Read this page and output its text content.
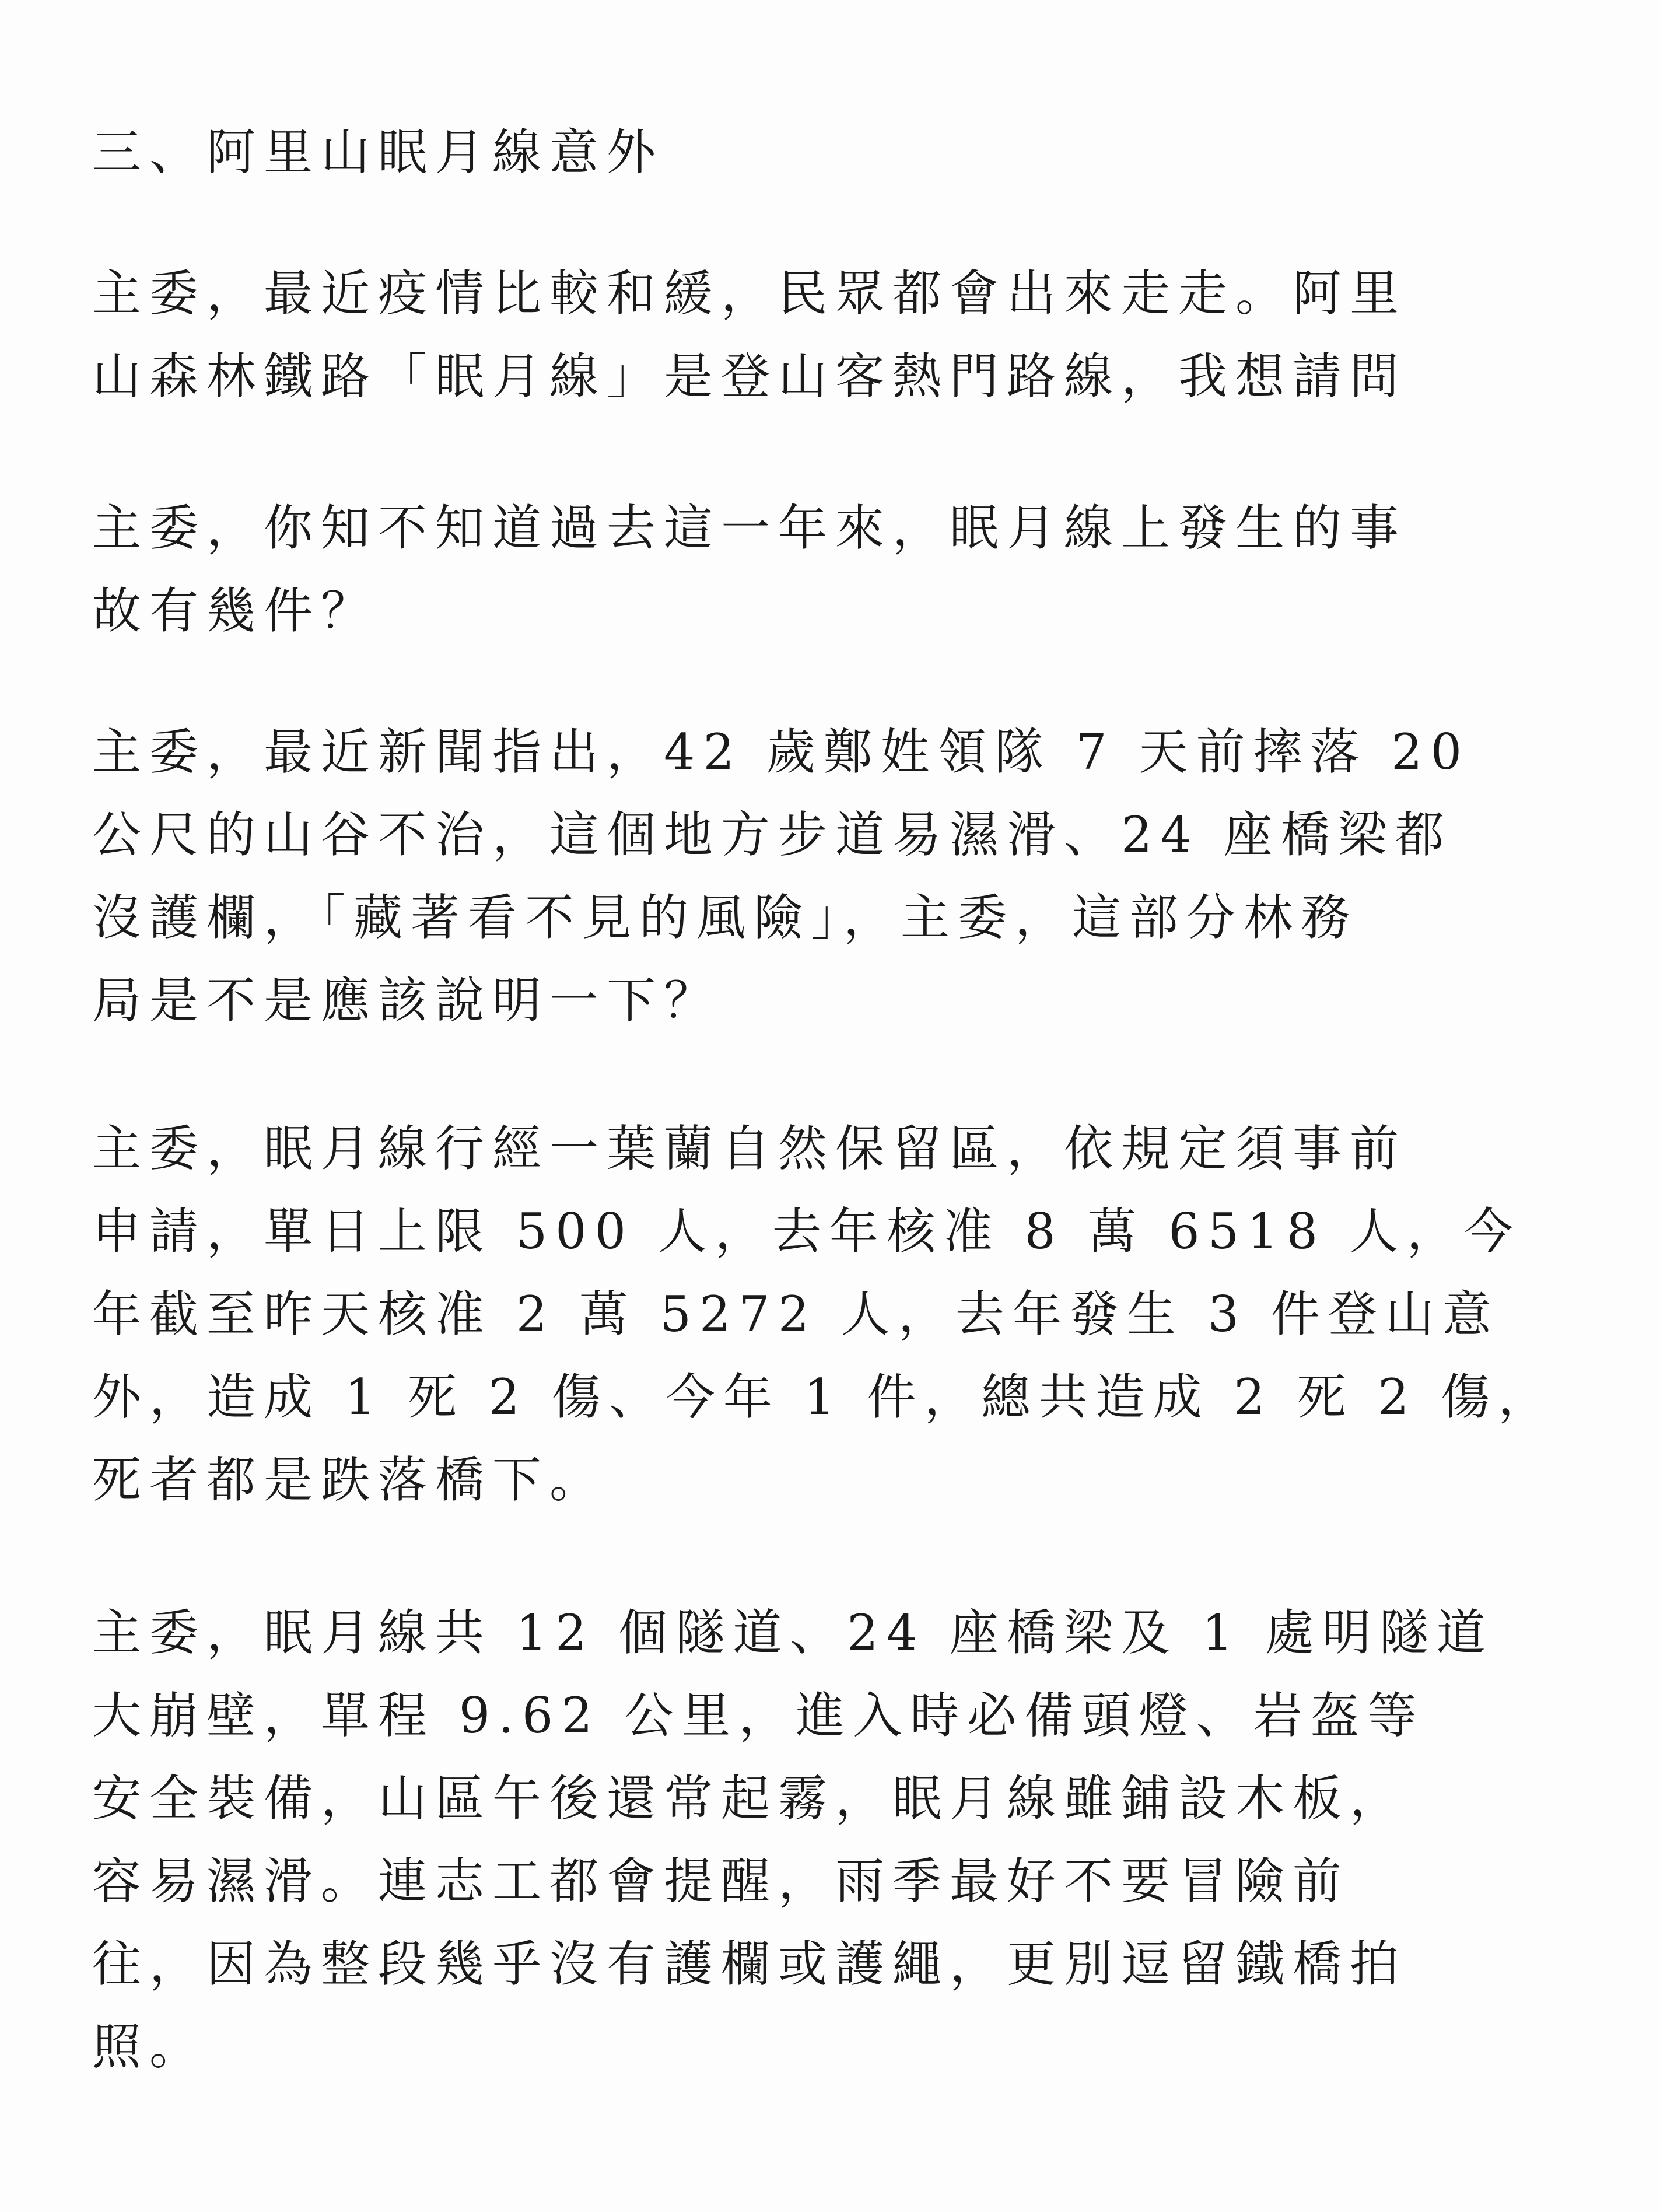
三、阿里山眠月線意外
主委，最近疫情比較和緩，民眾都會出來走走。阿里
山森林鐵路「眠月線」是登山客熱門路線，我想請問
主委，你知不知道過去這一年來，眠月線上發生的事
故有幾件？
主委，最近新聞指出，42 歲鄭姓領隊 7 天前摔落 20
公尺的山谷不治，這個地方步道易濕滑、24 座橋梁都
沒護欄，「藏著看不見的風險」，主委，這部分林務
局是不是應該說明一下？
主委，眠月線行經一葉蘭自然保留區，依規定須事前
申請，單日上限 500 人，去年核准 8 萬 6518 人，今
年截至昨天核准 2 萬 5272 人，去年發生 3 件登山意
外，造成 1 死 2 傷、今年 1 件，總共造成 2 死 2 傷，
死者都是跌落橋下。
主委，眠月線共 12 個隧道、24 座橋梁及 1 處明隧道
大崩壁，單程 9.62 公里，進入時必備頭燈、岩盔等
安全裝備，山區午後還常起霧，眠月線雖鋪設木板，
容易濕滑。連志工都會提醒，雨季最好不要冒險前
往，因為整段幾乎沒有護欄或護繩，更別逗留鐵橋拍
照。
